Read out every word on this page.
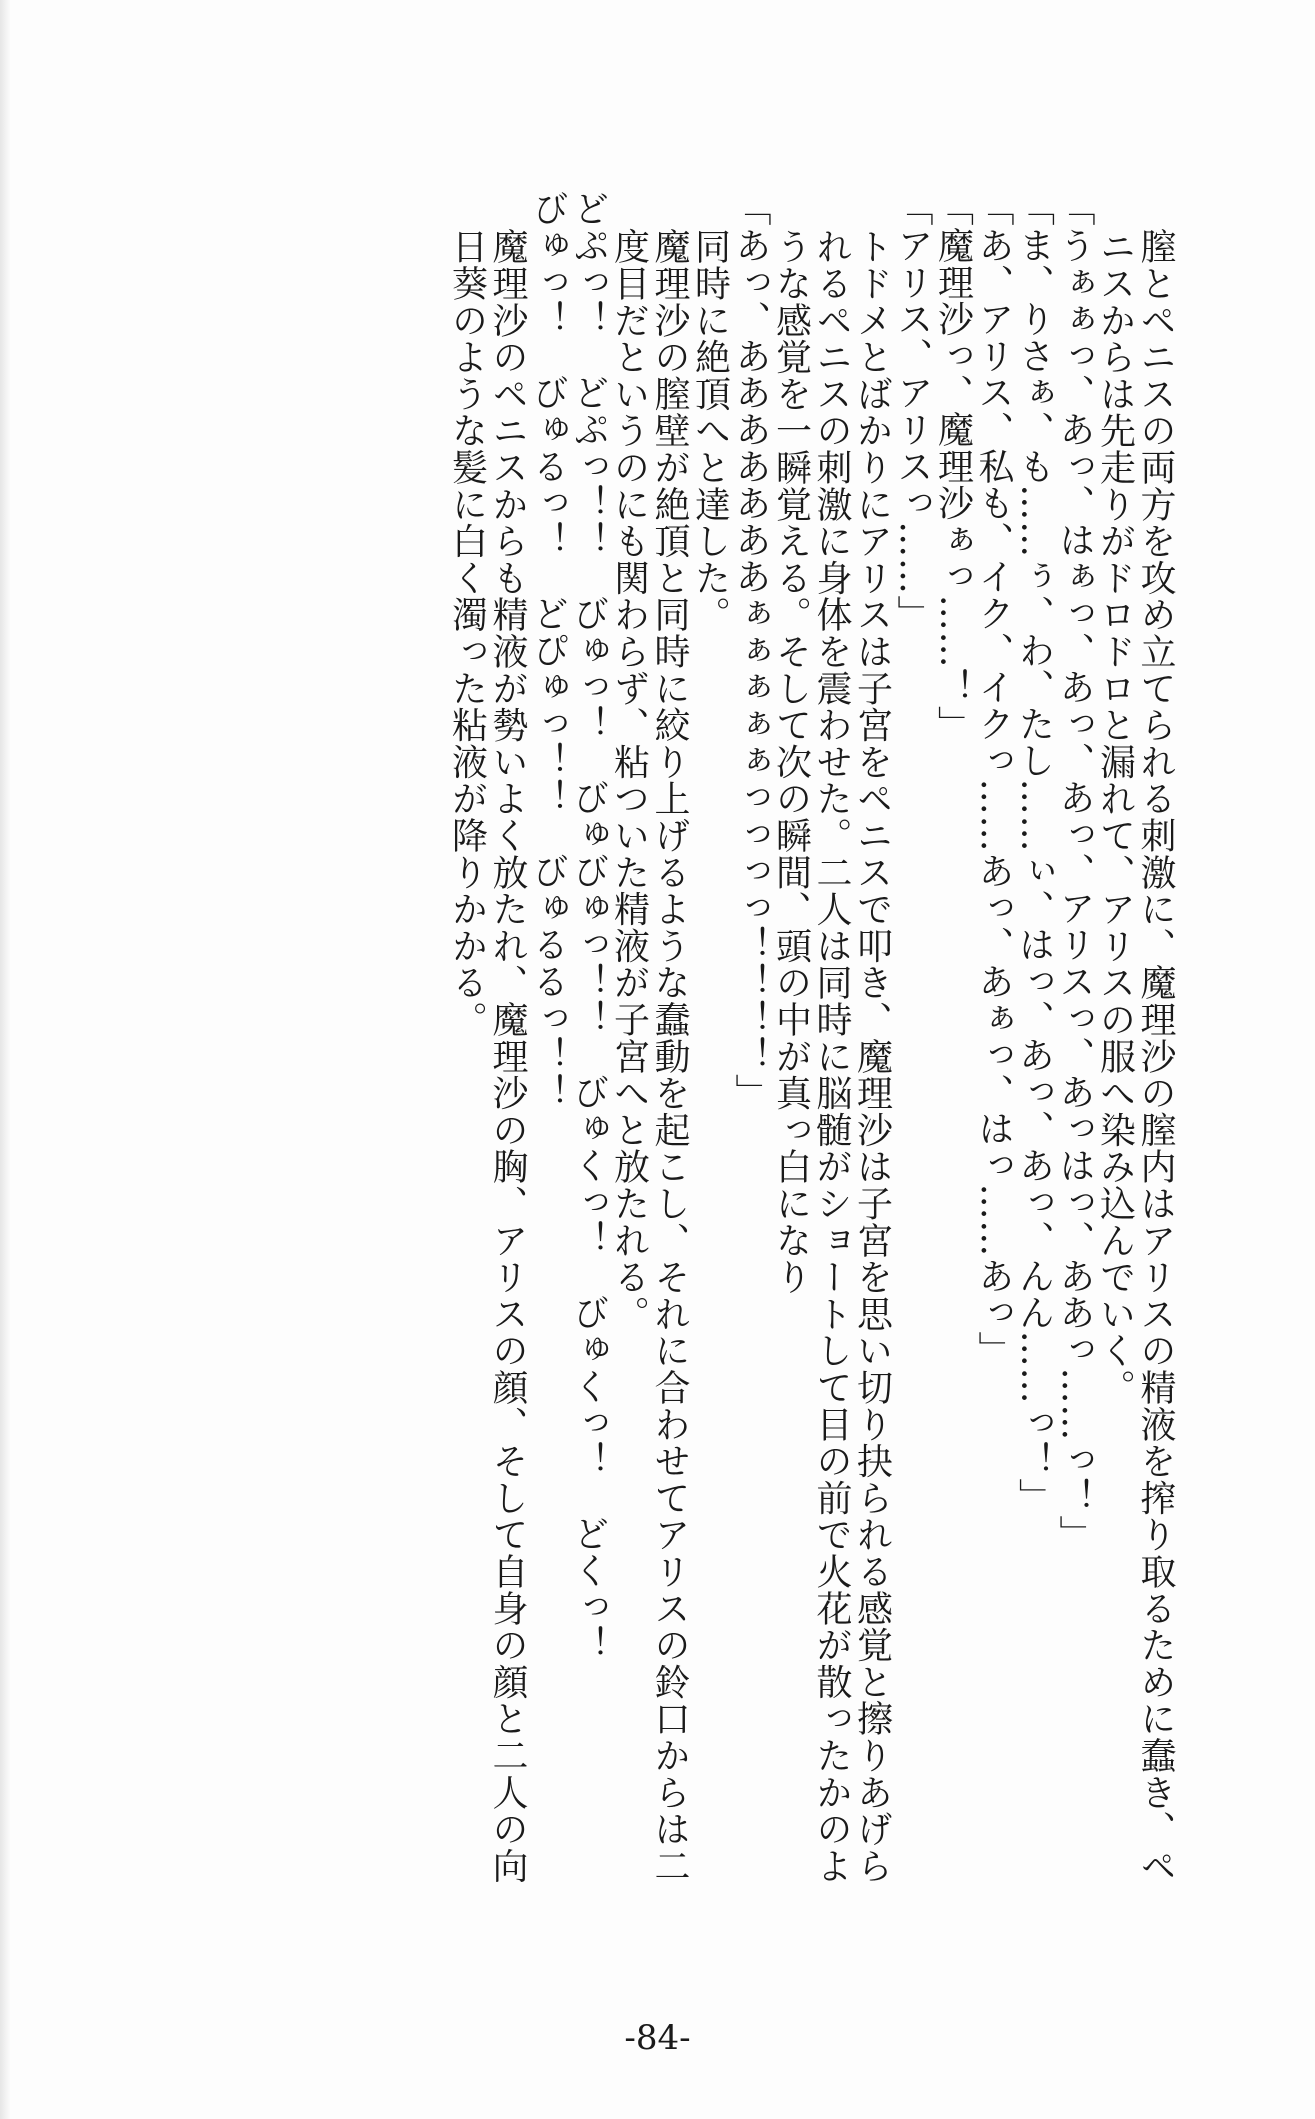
膣とペニスの両方を攻め立てられる刺激に、魔理沙の膣内はアリスの精液を搾り取るために蠢き、ペニスからは先走りがドロドロと漏れて、アリスの服へ染み込んでいく。

「うぁぁっ、あっ、はぁっ、あっ、あっ、アリスっ、あっはっ、ああっ……っ！」

「ま、りさぁ、も……ぅ、わ、たし……ぃ、はっ、あっ、あっ、んん……っ！」

「あ、アリス、私も、イク、イクっ……あっ、あぁっ、はっ……あっ」

「魔理沙っ、魔理沙ぁっ……！」

「アリス、アリスっ……」

トドメとばかりにアリスは子宮をペニスで叩き、魔理沙は子宮を思い切り抉られる感覚と擦りあげられるペニスの刺激に身体を震わせた。二人は同時に脳髄がショートして目の前で火花が散ったかのような感覚を一瞬覚える。そして次の瞬間、頭の中が真っ白になり

「あっ、あああああああぁぁぁぁぁっっっっ！！！！」

同時に絶頂へと達した。

魔理沙の膣壁が絶頂と同時に絞り上げるような蠢動を起こし、それに合わせてアリスの鈴口からは二度目だというのにも関わらず、粘ついた精液が子宮へと放たれる。

どぷっ！　どぷっ！！　びゅっ！　びゅびゅっ！！　びゅくっ！　びゅくっ！　どくっ！

びゅっ！　びゅるっ！　どぴゅっ！！　びゅるるっ！！

魔理沙のペニスからも精液が勢いよく放たれ、魔理沙の胸、アリスの顔、そして自身の顔と二人の向日葵のような髪に白く濁った粘液が降りかかる。

-84-
